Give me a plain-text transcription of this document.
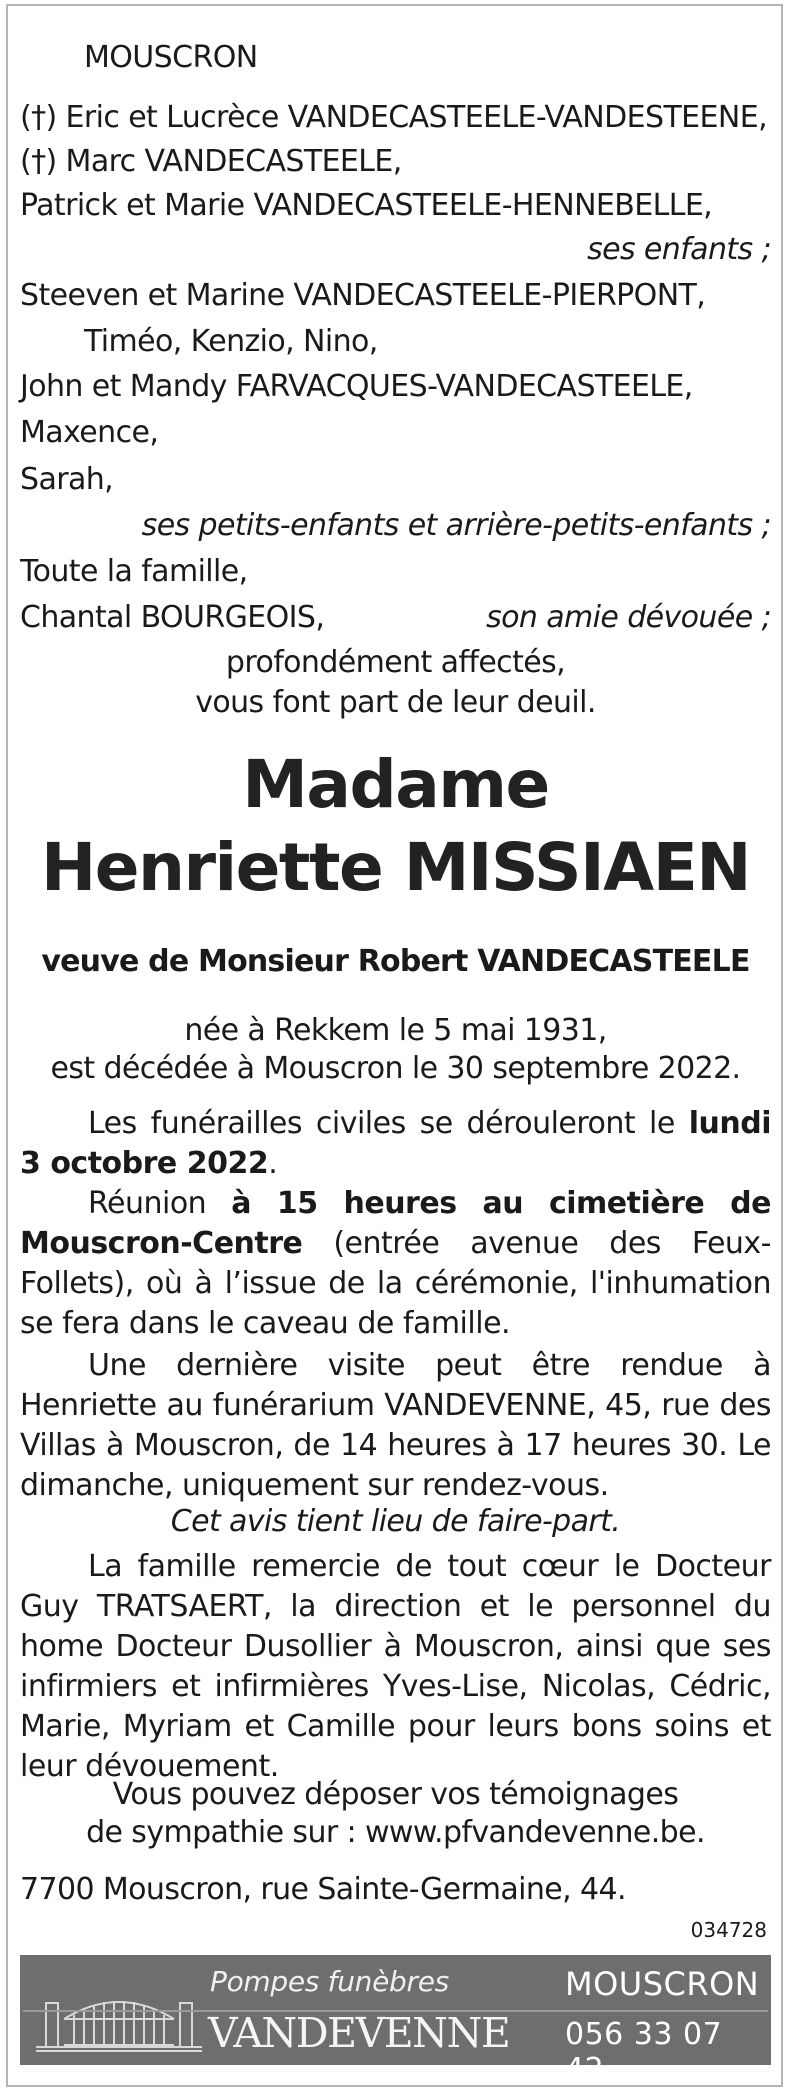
MOUSCRON
(†) Eric et Lucrèce VANDECASTEELE-VANDESTEENE,
(†) Marc VANDECASTEELE,
Patrick et Marie VANDECASTEELE-HENNEBELLE,
ses enfants ;
Steeven et Marine VANDECASTEELE-PIERPONT,
Timéo, Kenzio, Nino,
John et Mandy FARVACQUES-VANDECASTEELE,
Maxence,
Sarah,
ses petits-enfants et arrière-petits-enfants ;
Toute la famille,
Chantal BOURGEOIS,	son amie dévouée ;
profondément affectés,
vous font part de leur deuil.
Madame
Henriette MISSIAEN
veuve de Monsieur Robert VANDECASTEELE
née à Rekkem le 5 mai 1931,
est décédée à Mouscron le 30 septembre 2022.
Les funérailles civiles se dérouleront le lundi 3 octobre 2022.
Réunion à 15 heures au cimetière de Mouscron-Centre (entrée avenue des Feux-Follets), où à l’issue de la cérémonie, l'inhumation se fera dans le caveau de famille.
Une dernière visite peut être rendue à Henriette au funérarium VANDEVENNE, 45, rue des Villas à Mouscron, de 14 heures à 17 heures 30. Le dimanche, uniquement sur rendez-vous.
Cet avis tient lieu de faire-part.
La famille remercie de tout cœur le Docteur Guy TRATSAERT, la direction et le personnel du home Docteur Dusollier à Mouscron, ainsi que ses infirmiers et infirmières Yves-Lise, Nicolas, Cédric, Marie, Myriam et Camille pour leurs bons soins et leur dévouement.
Vous pouvez déposer vos témoignages
de sympathie sur : www.pfvandevenne.be.
7700 Mouscron, rue Sainte-Germaine, 44.
034728
Pompes funèbres
VANDEVENNE
MOUSCRON
056 33 07 42
